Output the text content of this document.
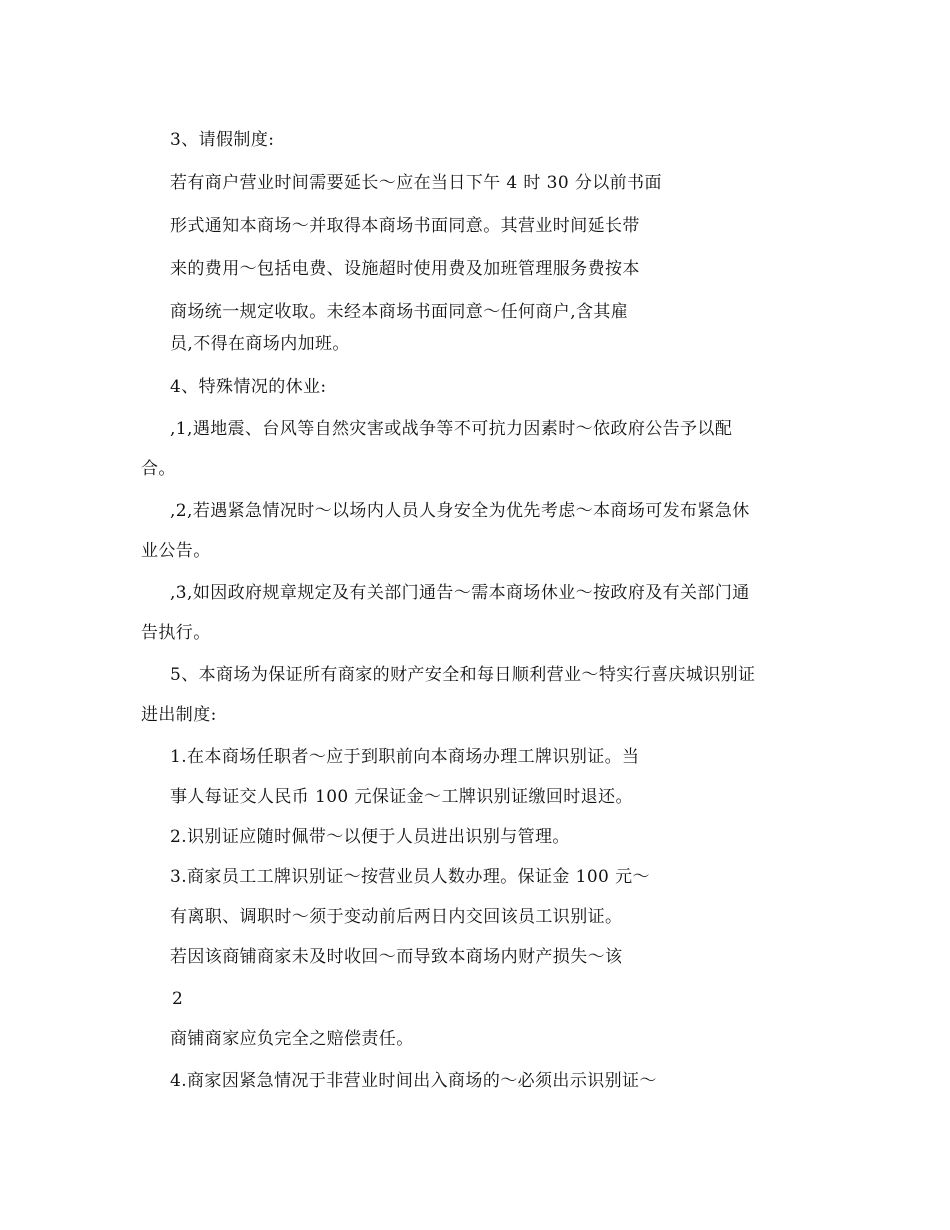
3、请假制度:
若有商户营业时间需要延长～应在当日下午 4 时 30 分以前书面
形式通知本商场～并取得本商场书面同意。其营业时间延长带
来的费用～包括电费、设施超时使用费及加班管理服务费按本
商场统一规定收取。未经本商场书面同意～任何商户,含其雇
员,不得在商场内加班。
4、特殊情况的休业:
,1,遇地震、台风等自然灾害或战争等不可抗力因素时～依政府公告予以配
合。
,2,若遇紧急情况时～以场内人员人身安全为优先考虑～本商场可发布紧急休
业公告。
,3,如因政府规章规定及有关部门通告～需本商场休业～按政府及有关部门通
告执行。
5、本商场为保证所有商家的财产安全和每日顺利营业～特实行喜庆城识别证
进出制度:
1.在本商场任职者～应于到职前向本商场办理工牌识别证。当
事人每证交人民币 100 元保证金～工牌识别证缴回时退还。
2.识别证应随时佩带～以便于人员进出识别与管理。
3.商家员工工牌识别证～按营业员人数办理。保证金 100 元～
有离职、调职时～须于变动前后两日内交回该员工识别证。
若因该商铺商家未及时收回～而导致本商场内财产损失～该
2
商铺商家应负完全之赔偿责任。
4.商家因紧急情况于非营业时间出入商场的～必须出示识别证～
